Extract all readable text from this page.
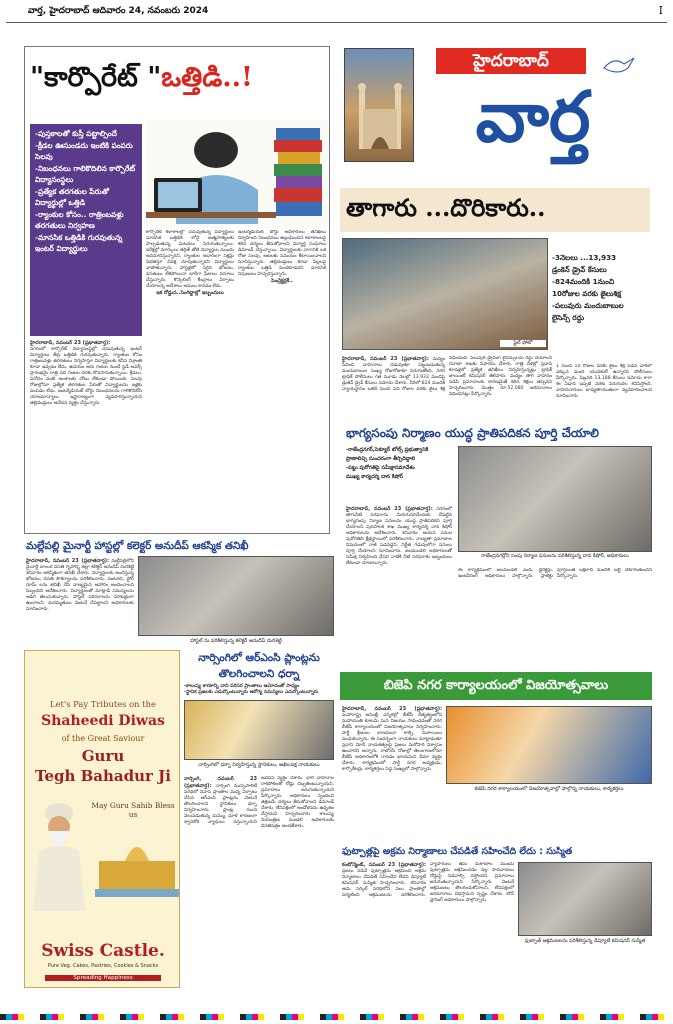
వార్త, హైదరాబాద్ ఆదివారం 24, నవంబరు 2024	I
"కార్పొరేట్ "ఒత్తిడి..!
-పుస్తకాలతో కుస్తీ పట్టాల్సిందే
-క్రీడల ఊసుండదు ఇంటికి పంపరు సెలవు
-నిబంధనలు గాలికొదిలిన కార్పొరేట్ విద్యాసంస్థలు
-ప్రత్యేక తరగతుల పేరుతో విద్యార్థుల్లో ఒత్తిడి
-ర్యాంకుల కోసం.. రాత్రింబవళ్లు తరగతులు నిర్వహణ
-మానసిక ఒత్తిడికి గురవుతున్న ఇంటర్ విద్యార్థులు
హైదరాబాద్, నవంబర్ 23 (ప్రభాతవార్త):
నగరంలో కార్పొరేట్ విద్యాసంస్థల్లో చదువుతున్న ఇంటర్ విద్యార్థులు తీవ్ర ఒత్తిడికి గురవుతున్నారు. ర్యాంకుల కోసం రాత్రింబవళ్లు తరగతులు నిర్వహిస్తూ విద్యార్థులకు కనీస విశ్రాంతి కూడా ఇవ్వడం లేదు. ఉదయం ఆరు గంటల నుంచే స్టడీ అవర్స్ ప్రారంభమై రాత్రి పది గంటల వరకు కొనసాగుతున్నాయి. క్రీడలు, వినోదం వంటి అంశాలకు చోటు లేకుండా పోయింది. సెలవు రోజుల్లోనూ ప్రత్యేక తరగతుల పేరుతో విద్యార్థులను ఇళ్లకు పంపడం లేదు. ఇంటర్మీడియట్ బోర్డు నిబంధనలను గాలికొదిలేసి యాజమాన్యాలు ఇష్టారాజ్యంగా వ్యవహరిస్తున్నాయని తల్లిదండ్రులు ఆవేదన వ్యక్తం చేస్తున్నారు.
కార్పొరేట్ కళాశాలల్లో చదువుతున్న విద్యార్థులు మానసిక ఒత్తిడికి లోనై ఆత్మహత్యలకు పాల్పడుతున్న ఘటనలు పెరుగుతున్నాయి. పరీక్షల్లో మార్కులు తగ్గితే తోటి విద్యార్థుల ముందు అవమానిస్తున్నారని, ర్యాంకుల ఆధారంగా సెక్షన్లు విభజిస్తూ వివక్ష చూపుతున్నారని విద్యార్థులు వాపోతున్నారు. హాస్టళ్లలో సరైన భోజనం, వసతులు లేకపోయినా భారీగా ఫీజులు వసూలు చేస్తున్నారు. కౌన్సెలింగ్ కేంద్రాలు ఏర్పాటు చేయాలన్న ఆదేశాలు అమలు కావడం లేదు.
ఇక రోడ్డున..సెంగిట్టాల్లో ఇబ్బందులు
ఇంటర్మీడియట్ బోర్డు అధికారులు తనిఖీలు నిర్వహించి నిబంధనలు ఉల్లంఘించిన కళాశాలలపై కఠిన చర్యలు తీసుకోవాలని విద్యార్థి సంఘాలు డిమాండ్ చేస్తున్నాయి. విద్యార్థులకు వారానికి ఒక రోజు సెలవు, ఆటలకు సమయం కేటాయించాలని సూచిస్తున్నారు. తల్లిదండ్రులు కూడా పిల్లలపై ర్యాంకుల ఒత్తిడి పెంచకూడదని మానసిక నిపుణులు హెచ్చరిస్తున్నారు.
పెంచ్రెక్టర్లకే..
హైదరాబాద్
వార్త
తాగారు ...దొరికారు..
ఫైల్ ఫోటో
-3నెలలు ...13,933
డ్రంకెన్ డ్రైవ్ కేసులు
-824మందికి 1నుంచి
10రోజుల వరకు జైలుశిక్ష
-పలువురు మందుబాబుల
లైసెన్స్ రద్దు
హైదరాబాద్, నవంబర్ 23 (ప్రభాతవార్త): మద్యం సేవించి వాహనాలు నడుపుతూ పట్టుబడుతున్న మందుబాబుల సంఖ్య రోజురోజుకూ పెరుగుతోంది. నగర ట్రాఫిక్ పోలీసులు గత మూడు నెలల్లో 13,933 మందిపై డ్రంకెన్ డ్రైవ్ కేసులు నమోదు చేశారు. వీరిలో 824 మందికి న్యాయస్థానం ఒకటి నుంచి పది రోజుల వరకు జైలు శిక్ష విధించింది. పలువురి డ్రైవింగ్ లైసెన్సులను రద్దు చేయాలని రవాణా శాఖకు సిఫారసు చేశారు. రాత్రి వేళల్లో ప్రధాన కూడళ్లలో ప్రత్యేక తనిఖీలు నిర్వహిస్తున్నట్లు ట్రాఫిక్ జాయింట్ కమిషనర్ తెలిపారు. మద్యం తాగి వాహనం నడిపి ప్రమాదాలకు కారణమైతే కఠిన శిక్షలు తప్పవని హెచ్చరించారు. మొత్తం రూ.52,080 జరిమానాలు విధించినట్లు పేర్కొన్నారు.
1 నుంచి 10 రోజుల వరకు జైలు శిక్ష పడిన వారిలో ఎక్కువ మంది యువకులే ఉన్నారని పోలీసులు పేర్కొన్నారు. ఫిబ్రవరి 13,188 కేసులు నమోదు కాగా ఈ ఏడాది ఇప్పటి వరకు పెరుగుదల కనిపిస్తోంది. వాహనదారులు బాధ్యతాయుతంగా వ్యవహరించాలని సూచించారు.
భాగ్యసంపు నిర్మాణం యుద్ధ ప్రాతిపదికన పూర్తి చేయాలి
-రాజేంద్రనగర్,సెక్యూర్ టోల్స్ ప్రభుత్వానికి
ప్రాణాలిచ్చి సుందరంగా తీర్చిదిద్దాలి
-పట్టు పురోగతిపై సమీక్షాసమావేశం
ముఖ్య కార్యదర్శి దాన కిషోర్
హైదరాబాద్, నవంబర్ 23 (ప్రభాతవార్త): నగరంలో తాగునీటి సరఫరాను మెరుగుపరిచేందుకు చేపట్టిన భాగ్యసంపు నిర్మాణ పనులను యుద్ధ ప్రాతిపదికన పూర్తి చేయాలని పురపాలక శాఖ ముఖ్య కార్యదర్శి దాన కిషోర్ అధికారులను ఆదేశించారు. శనివారం ఆయన పనుల పురోగతిని క్షేత్రస్థాయిలో పరిశీలించారు. నాణ్యతా ప్రమాణాల విషయంలో రాజీ పడవద్దని, నిర్ణీత గడువులోగా పనులు పూర్తి చేయాలని సూచించారు. జలమండలి అధికారులతో సమీక్ష నిర్వహించి వేసవి నాటికి నీటి సరఫరాకు ఇబ్బందులు లేకుండా చూడాలన్నారు.
రాజేంద్రనగర్లోని సంపు నిర్మాణ పనులను పరిశీలిస్తున్న దాన కిషోర్, అధికారులు
ఈ కార్యక్రమంలో జలమండలి ఎండీ, డైరెక్టర్లు, ఇంజనీరింగ్ అధికారులు పాల్గొన్నారు. ప్రాజెక్టు పూర్తయితే లక్షలాది మందికి లబ్ధి చేకూరుతుందని పేర్కొన్నారు.
మల్లేపల్లి మైనార్టీ హాస్టల్లో కలెక్టర్ అనుదీప్ ఆకస్మిక తనిఖీ
హైదరాబాద్, నవంబర్ 23 (ప్రభాతవార్త): మల్లేపల్లిలోని మైనార్టీ బాలుర వసతి గృహాన్ని జిల్లా కలెక్టర్ అనుదీప్ దురిశెట్టి శనివారం ఆకస్మికంగా తనిఖీ చేశారు. విద్యార్థులకు అందిస్తున్న భోజనం, వసతి సౌకర్యాలను పరిశీలించారు. వంటగది, స్టోర్ రూమ్ లను తనిఖీ చేసి నాణ్యమైన ఆహారం అందించాలని సిబ్బందిని ఆదేశించారు. విద్యార్థులతో మాట్లాడి సమస్యలను అడిగి తెలుసుకున్నారు. హాస్టల్ పరిసరాలను పరిశుభ్రంగా ఉంచాలని, మరమ్మతులు వెంటనే చేపట్టాలని అధికారులకు సూచించారు.
హాస్టల్ ను పరిశీలిస్తున్న కలెక్టర్ అనుదీప్ దురిశెట్టి
Let's Pay Tributes on the
Shaheedi Diwas
of the Great Saviour
Guru
Tegh Bahadur Ji
May Guru Sahib Bless us
Swiss Castle.
Pure Veg. Cakes, Pastries, Cookies & Snacks
Spreading Happiness
నార్సింగిలో ఆర్ఎంసి ప్లాంట్లను
తొలగించాలని ధర్నా
-కాలుష్య కారకాన్ని దాని పరిసర ప్రాంతాలు ఆమోదంతో సాధ్యం
-స్థానిక ప్రజలకు ఎదుర్కొంటున్నారు ఆరోగ్య సమస్యలు ఎదుర్కొంటున్నారు
నార్సింగిలో ధర్నా నిర్వహిస్తున్న స్థానికులు, అఖిలపక్ష నాయకులు
నార్సింగి, నవంబర్ 23 (ప్రభాతవార్త): నార్సింగి మున్సిపాలిటీ పరిధిలో నివాస ప్రాంతాల మధ్య ఏర్పాటు చేసిన ఆర్ఎంసి ప్లాంట్లను వెంటనే తొలగించాలని స్థానికులు ధర్నా నిర్వహించారు. ప్లాంట్ల నుంచి వెలువడుతున్న దుమ్ము, ధూళి కారణంగా శ్వాసకోశ వ్యాధులు వస్తున్నాయని ఆవేదన వ్యక్తం చేశారు. భారీ వాహనాల రాకపోకలతో రోడ్లు దెబ్బతింటున్నాయని, ప్రమాదాలు జరుగుతున్నాయని పేర్కొన్నారు. అధికారులు స్పందించి తక్షణమే చర్యలు తీసుకోవాలని డిమాండ్ చేశారు. లేనిపక్షంలో ఆందోళనను ఉధృతం చేస్తామని హెచ్చరించారు. కాలుష్య నియంత్రణ మండలి అధికారులకు వినతిపత్రం అందజేశారు.
బిజెపి నగర కార్యాలయంలో విజయోత్సవాలు
హైదరాబాద్, నవంబర్ 23 (ప్రభాతవార్త): మహారాష్ట్ర అసెంబ్లీ ఎన్నికల్లో బీజేపీ నేతృత్వంలోని మహాయుతి కూటమి ఘన విజయం సాధించడంతో నగర బీజేపీ కార్యాలయంలో విజయోత్సవాలు నిర్వహించారు. పార్టీ శ్రేణులు బాణసంచా కాల్చి, మిఠాయిలు పంచుకున్నారు. ఈ సందర్భంగా నాయకులు మాట్లాడుతూ ప్రధాని మోదీ నాయకత్వంపై ప్రజలు మరోసారి విశ్వాసం ఉంచారని అన్నారు. రాబోయే రోజుల్లో తెలంగాణలోనూ బీజేపీ అధికారంలోకి రావడం ఖాయమని ధీమా వ్యక్తం చేశారు. కార్యక్రమంలో పార్టీ నగర అధ్యక్షుడు, కార్పొరేటర్లు, కార్యకర్తలు పెద్ద సంఖ్యలో పాల్గొన్నారు.
బిజెపి నగర కార్యాలయంలో విజయోత్సవాల్లో పాల్గొన్న నాయకులు, కార్యకర్తలు
ఫుట్పాత్లపై అక్రమ నిర్మాణాలు చేపడితే సహించేది లేదు : సుస్మిత
కంటోన్మెంట్, నవంబర్ 23 (ప్రభాతవార్త): ప్రజలు నడిచే ఫుట్పాత్లను ఆక్రమించి అక్రమ నిర్మాణాలు చేపడితే సహించేది లేదని డిప్యూటీ కమిషనర్ సుస్మిత హెచ్చరించారు. శనివారం ఆమె సర్కిల్ పరిధిలోని పలు ప్రాంతాల్లో పర్యటించి ఆక్రమణలను పరిశీలించారు. వ్యాపారులు తమ దుకాణాల ముందు ఫుట్పాత్లను ఆక్రమించడం వల్ల పాదచారులు రోడ్డుపై నడవాల్సి వస్తోందని, ప్రమాదాలు జరుగుతున్నాయని పేర్కొన్నారు. వెంటనే ఆక్రమణలు తొలగించుకోవాలని, లేనిపక్షంలో జరిమానాలు విధిస్తామని స్పష్టం చేశారు. టౌన్ ప్లానింగ్ అధికారులు పాల్గొన్నారు.
ఫుట్పాత్ ఆక్రమణలను పరిశీలిస్తున్న డిప్యూటీ కమిషనర్ సుస్మిత
